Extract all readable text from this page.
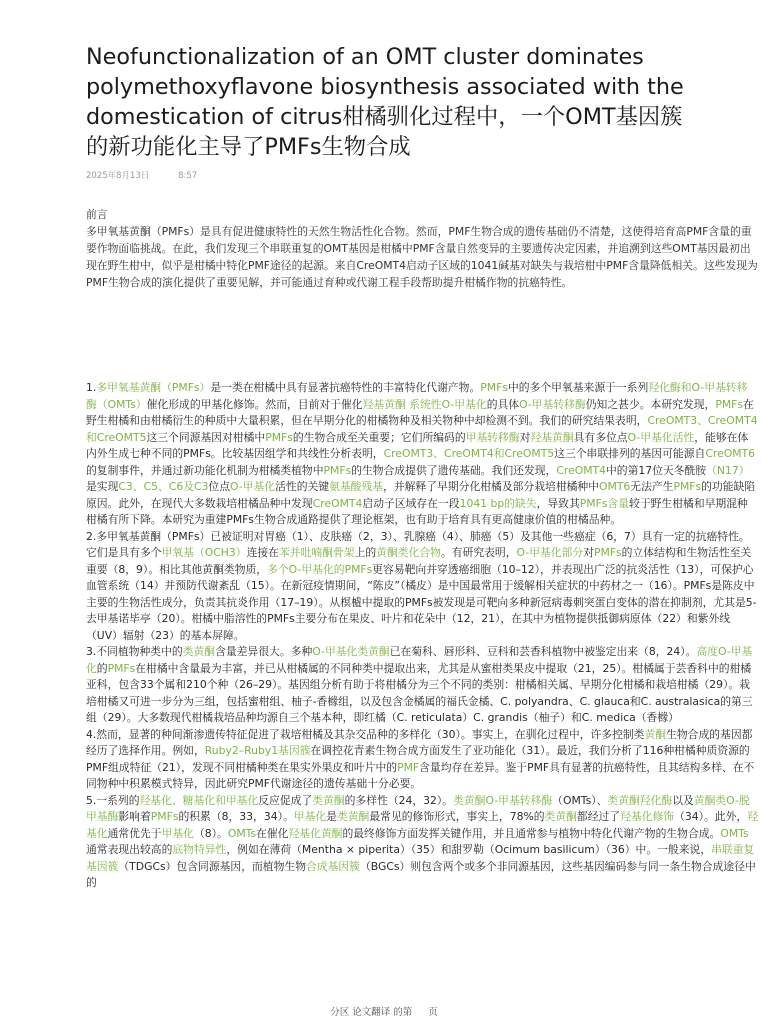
Neofunctionalization of an OMT cluster dominates polymethoxyflavone biosynthesis associated with the domestication of citrus柑橘驯化过程中，一个OMT基因簇的新功能化主导了PMFs生物合成
2025年8月13日	8:57

前言

多甲氧基黄酮（PMFs）是具有促进健康特性的天然生物活性化合物。然而，PMF生物合成的遗传基础仍不清楚，这使得培育高PMF含量的重要作物面临挑战。在此，我们发现三个串联重复的OMT基因是柑橘中PMF含量自然变异的主要遗传决定因素，并追溯到这些OMT基因最初出现在野生柑中，似乎是柑橘中特化PMF途径的起源。来自CreOMT4启动子区域的1041碱基对缺失与栽培柑中PMF含量降低相关。这些发现为PMF生物合成的演化提供了重要见解，并可能通过育种或代谢工程手段帮助提升柑橘作物的抗癌特性。

1.多甲氧基黄酮（PMFs）是一类在柑橘中具有显著抗癌特性的丰富特化代谢产物。PMFs中的多个甲氧基来源于一系列羟化酶和O-甲基转移酶（OMTs）催化形成的甲基化修饰。然而，目前对于催化羟基黄酮 系统性O-甲基化的具体O-甲基转移酶仍知之甚少。本研究发现，PMFs在野生柑橘和由柑橘衍生的种质中大量积累，但在早期分化的柑橘物种及相关物种中却检测不到。我们的研究结果表明，CreOMT3、CreOMT4和CreOMT5这三个同源基因对柑橘中PMFs的生物合成至关重要；它们所编码的甲基转移酶对羟基黄酮具有多位点O-甲基化活性，能够在体内外生成七种不同的PMFs。比较基因组学和共线性分析表明，CreOMT3、CreOMT4和CreOMT5这三个串联排列的基因可能源自CreOMT6的复制事件，并通过新功能化机制为柑橘类植物中PMFs的生物合成提供了遗传基础。我们还发现，CreOMT4中的第17位天冬酰胺（N17）是实现C3、C5、C6及C3位点O-甲基化活性的关键氨基酸残基，并解释了早期分化柑橘及部分栽培柑橘种中OMT6无法产生PMFs的功能缺陷原因。此外，在现代大多数栽培柑橘品种中发现CreOMT4启动子区域存在一段1041 bp的缺失，导致其PMFs含量较于野生柑橘和早期混种柑橘有所下降。本研究为重建PMFs生物合成通路提供了理论框架，也有助于培育具有更高健康价值的柑橘品种。

2.多甲氧基黄酮（PMFs）已被证明对胃癌（1）、皮肤癌（2，3）、乳腺癌（4）、肺癌（5）及其他一些癌症（6，7）具有一定的抗癌特性。它们是具有多个甲氧基（OCH3）连接在苯并吡喃酮骨架上的黄酮类化合物。有研究表明，O-甲基化部分对PMFs的立体结构和生物活性至关重要（8，9）。相比其他黄酮类物质，多个O-甲基化的PMFs更容易靶向并穿透癌细胞（10–12），并表现出广泛的抗炎活性（13），可保护心血管系统（14）并预防代谢紊乱（15）。在新冠疫情期间，“陈皮”（橘皮）是中国最常用于缓解相关症状的中药材之一（16）。PMFs是陈皮中主要的生物活性成分，负责其抗炎作用（17–19）。从榠樝中提取的PMFs被发现是可靶向多种新冠病毒刺突蛋白变体的潜在抑制剂，尤其是5-去甲基诺毕亭（20）。柑橘中脂溶性的PMFs主要分布在果皮、叶片和花朵中（12，21），在其中为植物提供抵御病原体（22）和紫外线（UV）辐射（23）的基本屏障。

3.不同植物种类中的类黄酮含量差异很大。多种O-甲基化类黄酮已在菊科、唇形科、豆科和芸香科植物中被鉴定出来（8，24）。高度O-甲基化的PMFs在柑橘中含量最为丰富，并已从柑橘属的不同种类中提取出来，尤其是从蜜柑类果皮中提取（21，25）。柑橘属于芸香科中的柑橘亚科，包含33个属和210个种（26–29）。基因组分析有助于将柑橘分为三个不同的类别：柑橘相关属、早期分化柑橘和栽培柑橘（29）。栽培柑橘又可进一步分为三组，包括蜜柑组、柚子-香橼组，以及包含金橘属的福氏金橘、C. polyandra、C. glauca和C. australasica的第三组（29）。大多数现代柑橘栽培品种均源自三个基本种，即红橘（C. reticulata）C. grandis（柚子）和C. medica（香橼）

4.然而，显著的种间渐渗遗传特征促进了栽培柑橘及其杂交品种的多样化（30）。事实上，在驯化过程中，许多控制类黄酮生物合成的基因都经历了选择作用。例如，Ruby2–Ruby1基因簇在调控花青素生物合成方面发生了亚功能化（31）。最近，我们分析了116种柑橘种质资源的PMF组成特征（21），发现不同柑橘种类在果实外果皮和叶片中的PMF含量均存在差异。鉴于PMF具有显著的抗癌特性，且其结构多样、在不同物种中积累模式特异，因此研究PMF代谢途径的遗传基础十分必要。

5.一系列的羟基化、糖基化和甲基化反应促成了类黄酮的多样性（24，32）。类黄酮O-甲基转移酶（OMTs）、类黄酮羟化酶以及黄酮类O-脱甲基酶影响着PMFs的积累（8，33，34）。甲基化是类黄酮最常见的修饰形式，事实上，78%的类黄酮都经过了羟基化修饰（34）。此外，羟基化通常优先于甲基化（8）。OMTs在催化羟基化黄酮的最终修饰方面发挥关键作用，并且通常参与植物中特化代谢产物的生物合成。OMTs通常表现出较高的底物特异性，例如在薄荷（Mentha × piperita）（35）和甜罗勒（Ocimum basilicum）（36）中。一般来说，串联重复基因簇（TDGCs）包含同源基因，而植物生物合成基因簇（BGCs）则包含两个或多个非同源基因，这些基因编码参与同一条生物合成途径中的

分区 论文翻译 的第 页
